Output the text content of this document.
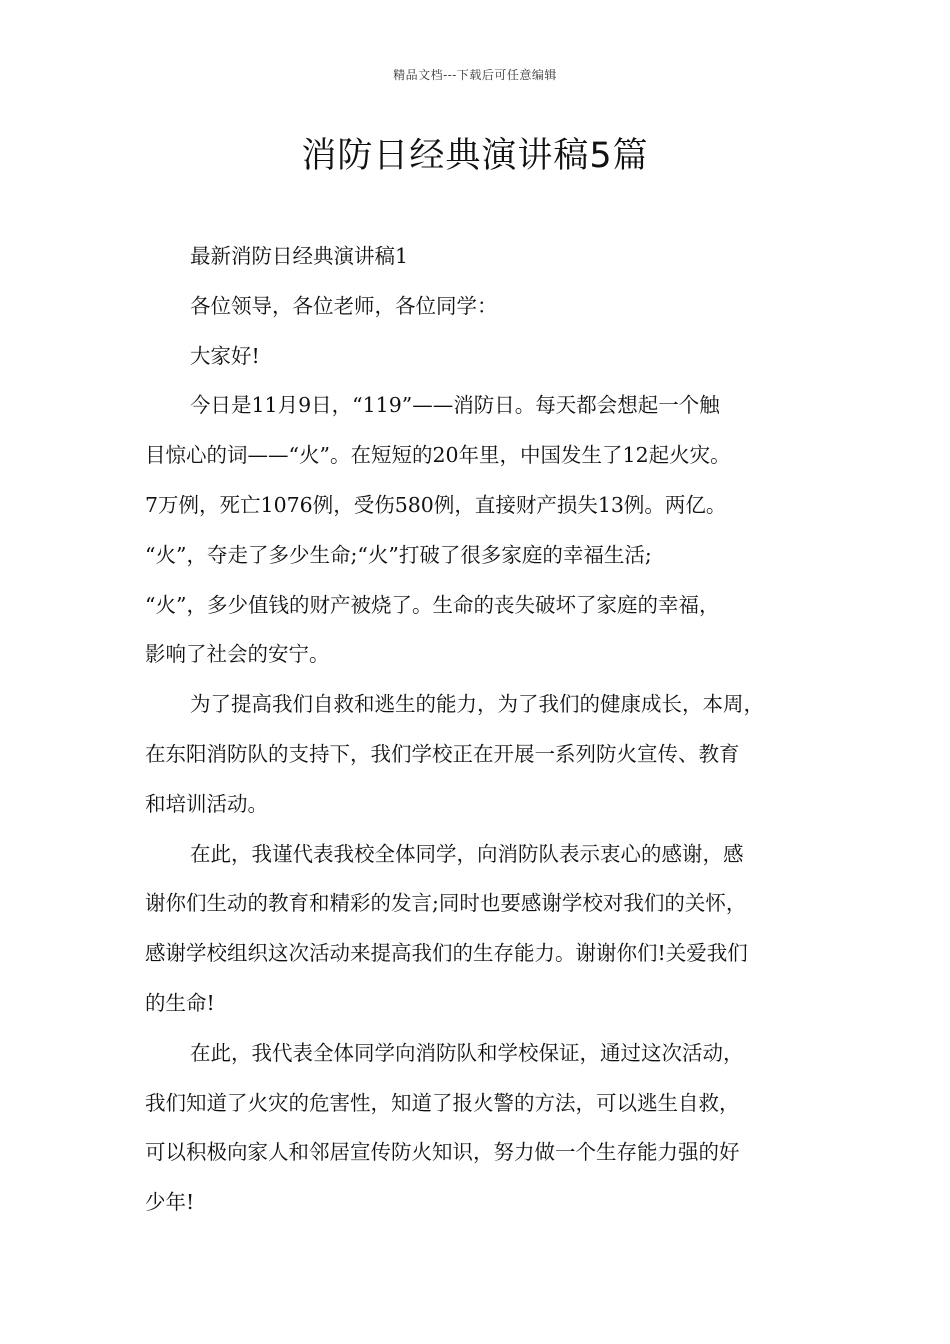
精品文档---下载后可任意编辑
消防日经典演讲稿5篇

最新消防日经典演讲稿1

各位领导，各位老师，各位同学：

大家好!

今日是11月9日，“119”——消防日。每天都会想起一个触
目惊心的词——“火”。在短短的20年里，中国发生了12起火灾。
7万例，死亡1076例，受伤580例，直接财产损失13例。两亿。
“火”，夺走了多少生命;“火”打破了很多家庭的幸福生活;
“火”，多少值钱的财产被烧了。生命的丧失破坏了家庭的幸福，
影响了社会的安宁。

为了提高我们自救和逃生的能力，为了我们的健康成长，本周，
在东阳消防队的支持下，我们学校正在开展一系列防火宣传、教育
和培训活动。

在此，我谨代表我校全体同学，向消防队表示衷心的感谢，感
谢你们生动的教育和精彩的发言;同时也要感谢学校对我们的关怀，
感谢学校组织这次活动来提高我们的生存能力。谢谢你们!关爱我们
的生命!

在此，我代表全体同学向消防队和学校保证，通过这次活动，
我们知道了火灾的危害性，知道了报火警的方法，可以逃生自救，
可以积极向家人和邻居宣传防火知识，努力做一个生存能力强的好
少年!
